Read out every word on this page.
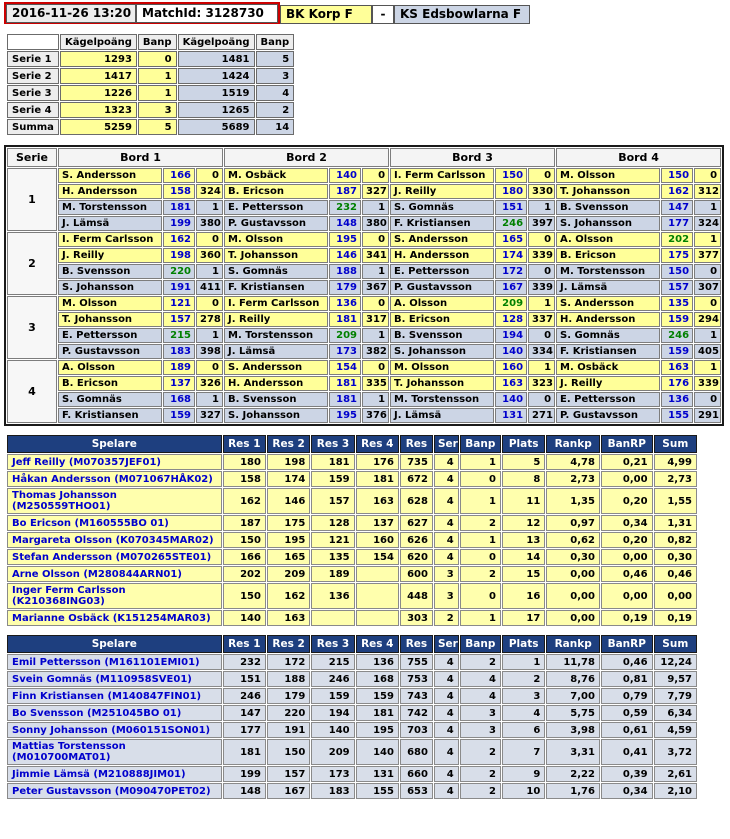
2016-11-26 13:20 MatchId: 3128730	BK Korp F	-	KS Edsbowlarna F
	Kägelpoäng	Banp	Kägelpoäng	Banp
Serie 1	1293	0	1481	5
Serie 2	1417	1	1424	3
Serie 3	1226	1	1519	4
Serie 4	1323	3	1265	2
Summa	5259	5	5689	14
Serie	Bord 1			Bord 2			Bord 3			Bord 4		
1	S. Andersson	166	0	M. Osbäck	140	0	I. Ferm Carlsson	150	0	M. Olsson	150	0
	H. Andersson	158	324	B. Ericson	187	327	J. Reilly	180	330	T. Johansson	162	312
	M. Torstensson	181	1	E. Pettersson	232	1	S. Gomnäs	151	1	B. Svensson	147	1
	J. Lämsä	199	380	P. Gustavsson	148	380	F. Kristiansen	246	397	S. Johansson	177	324
2	I. Ferm Carlsson	162	0	M. Olsson	195	0	S. Andersson	165	0	A. Olsson	202	1
	J. Reilly	198	360	T. Johansson	146	341	H. Andersson	174	339	B. Ericson	175	377
	B. Svensson	220	1	S. Gomnäs	188	1	E. Pettersson	172	0	M. Torstensson	150	0
	S. Johansson	191	411	F. Kristiansen	179	367	P. Gustavsson	167	339	J. Lämsä	157	307
3	M. Olsson	121	0	I. Ferm Carlsson	136	0	A. Olsson	209	1	S. Andersson	135	0
	T. Johansson	157	278	J. Reilly	181	317	B. Ericson	128	337	H. Andersson	159	294
	E. Pettersson	215	1	M. Torstensson	209	1	B. Svensson	194	0	S. Gomnäs	246	1
	P. Gustavsson	183	398	J. Lämsä	173	382	S. Johansson	140	334	F. Kristiansen	159	405
4	A. Olsson	189	0	S. Andersson	154	0	M. Olsson	160	1	M. Osbäck	163	1
	B. Ericson	137	326	H. Andersson	181	335	T. Johansson	163	323	J. Reilly	176	339
	S. Gomnäs	168	1	B. Svensson	181	1	M. Torstensson	140	0	E. Pettersson	136	0
	F. Kristiansen	159	327	S. Johansson	195	376	J. Lämsä	131	271	P. Gustavsson	155	291
Spelare	Res 1	Res 2	Res 3	Res 4	Res	Ser	Banp	Plats	Rankp	BanRP	Sum
Jeff Reilly (M070357JEF01)	180	198	181	176	735	4	1	5	4,78	0,21	4,99
Håkan Andersson (M071067HÅK02)	158	174	159	181	672	4	0	8	2,73	0,00	2,73
Thomas Johansson (M250559THO01)	162	146	157	163	628	4	1	11	1,35	0,20	1,55
Bo Ericson (M160555BO 01)	187	175	128	137	627	4	2	12	0,97	0,34	1,31
Margareta Olsson (K070345MAR02)	150	195	121	160	626	4	1	13	0,62	0,20	0,82
Stefan Andersson (M070265STE01)	166	165	135	154	620	4	0	14	0,30	0,00	0,30
Arne Olsson (M280844ARN01)	202	209	189		600	3	2	15	0,00	0,46	0,46
Inger Ferm Carlsson (K210368ING03)	150	162	136		448	3	0	16	0,00	0,00	0,00
Marianne Osbäck (K151254MAR03)	140	163			303	2	1	17	0,00	0,19	0,19
Spelare	Res 1	Res 2	Res 3	Res 4	Res	Ser	Banp	Plats	Rankp	BanRP	Sum
Emil Pettersson (M161101EMI01)	232	172	215	136	755	4	2	1	11,78	0,46	12,24
Svein Gomnäs (M110958SVE01)	151	188	246	168	753	4	4	2	8,76	0,81	9,57
Finn Kristiansen (M140847FIN01)	246	179	159	159	743	4	4	3	7,00	0,79	7,79
Bo Svensson (M251045BO 01)	147	220	194	181	742	4	3	4	5,75	0,59	6,34
Sonny Johansson (M060151SON01)	177	191	140	195	703	4	3	6	3,98	0,61	4,59
Mattias Torstensson (M010700MAT01)	181	150	209	140	680	4	2	7	3,31	0,41	3,72
Jimmie Lämsä (M210888JIM01)	199	157	173	131	660	4	2	9	2,22	0,39	2,61
Peter Gustavsson (M090470PET02)	148	167	183	155	653	4	2	10	1,76	0,34	2,10
